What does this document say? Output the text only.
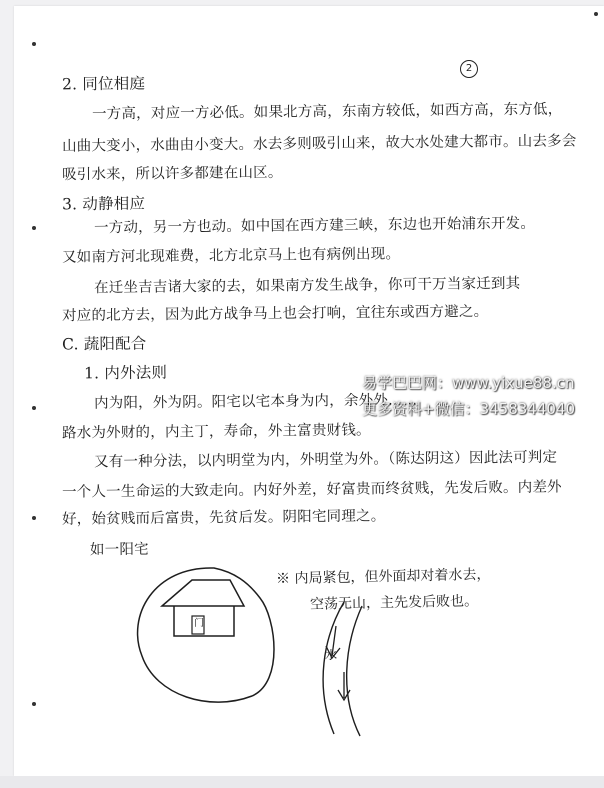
2
2. 同位相庭
一方高，对应一方必低。如果北方高，东南方较低，如西方高，东方低，
山曲大变小，水曲由小变大。水去多则吸引山来，故大水处建大都市。山去多会
吸引水来，所以许多都建在山区。
3. 动静相应
一方动，另一方也动。如中国在西方建三峡，东边也开始浦东开发。
又如南方河北现难费，北方北京马上也有病例出现。
在迁坐吉吉诸大家的去，如果南方发生战争，你可干万当家迁到其
对应的北方去，因为此方战争马上也会打响，宜往东或西方避之。
C. 蔬阳配合
1. 内外法则
内为阳，外为阴。阳宅以宅本身为内，余外外……
路水为外财的，内主丁，寿命，外主富贵财钱。
又有一种分法，以内明堂为内，外明堂为外。（陈达阴这）因此法可判定
一个人一生命运的大致走向。内好外差，好富贵而终贫贱，先发后败。内差外
好，始贫贱而后富贵，先贫后发。阴阳宅同理之。
如一阳宅
门
水
※ 内局紧包，但外面却对着水去，
空荡无山，主先发后败也。
易学巴巴网：www.yixue88.cn
更多资料+微信：3458344040
